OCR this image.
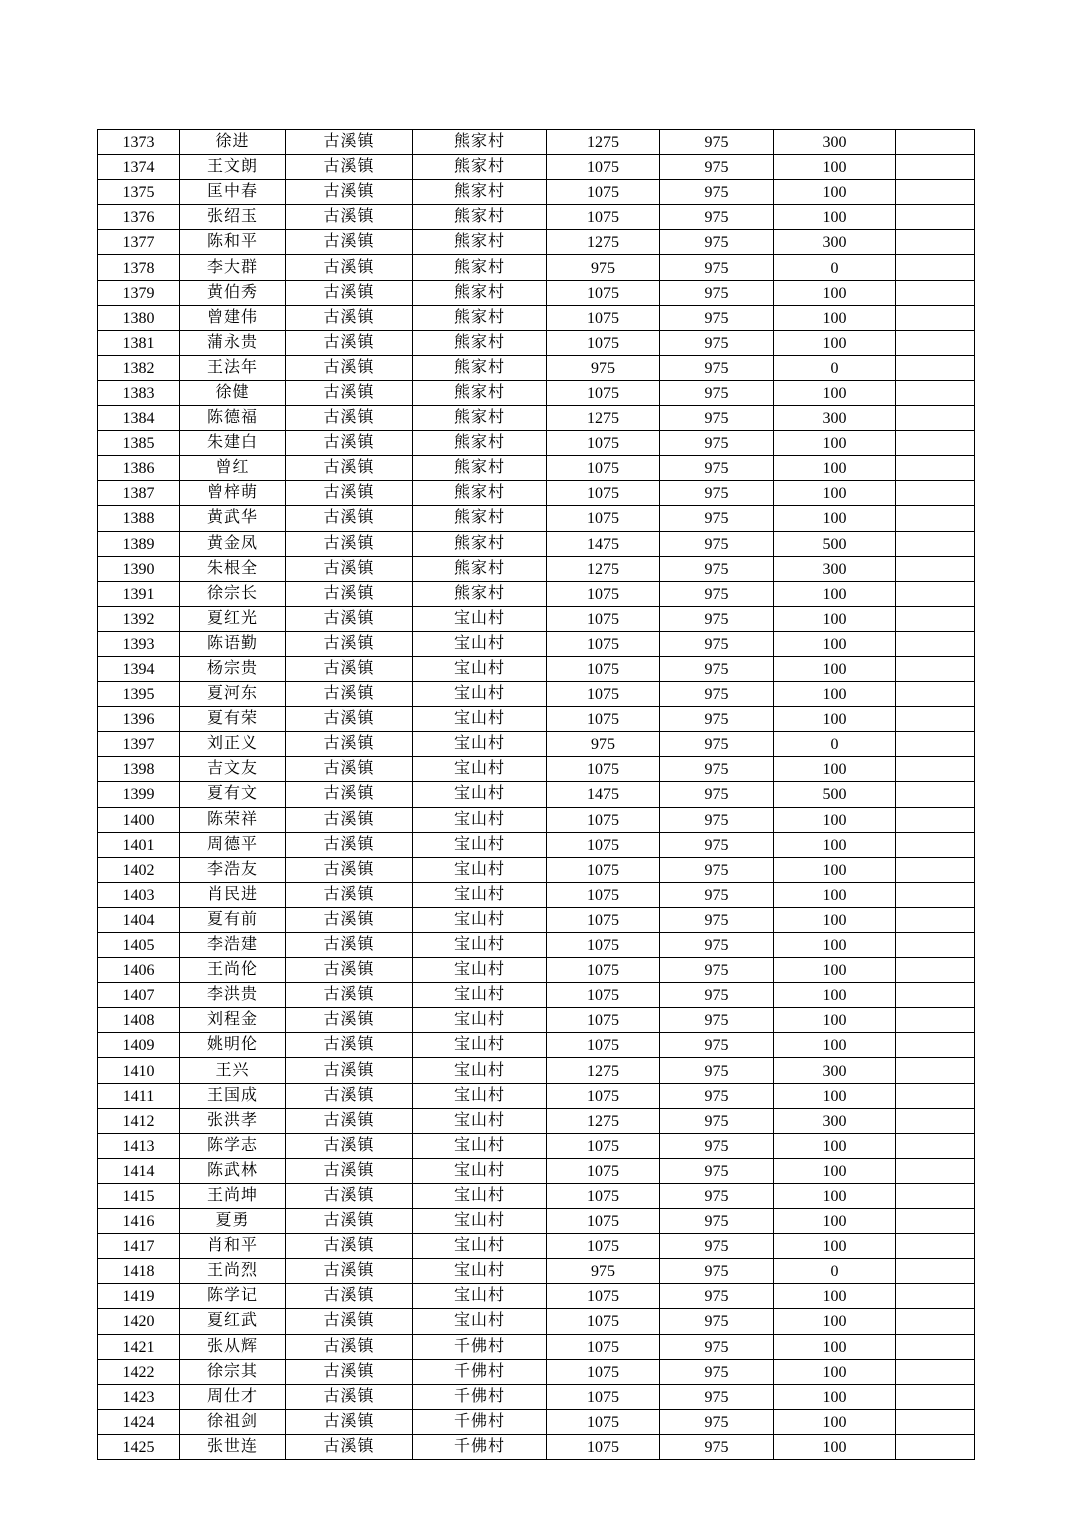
1373	徐进	古溪镇	熊家村	1275	975	300	
1374	王文朗	古溪镇	熊家村	1075	975	100	
1375	匡中春	古溪镇	熊家村	1075	975	100	
1376	张绍玉	古溪镇	熊家村	1075	975	100	
1377	陈和平	古溪镇	熊家村	1275	975	300	
1378	李大群	古溪镇	熊家村	975	975	0	
1379	黄伯秀	古溪镇	熊家村	1075	975	100	
1380	曾建伟	古溪镇	熊家村	1075	975	100	
1381	蒲永贵	古溪镇	熊家村	1075	975	100	
1382	王法年	古溪镇	熊家村	975	975	0	
1383	徐健	古溪镇	熊家村	1075	975	100	
1384	陈德福	古溪镇	熊家村	1275	975	300	
1385	朱建白	古溪镇	熊家村	1075	975	100	
1386	曾红	古溪镇	熊家村	1075	975	100	
1387	曾梓萌	古溪镇	熊家村	1075	975	100	
1388	黄武华	古溪镇	熊家村	1075	975	100	
1389	黄金凤	古溪镇	熊家村	1475	975	500	
1390	朱根全	古溪镇	熊家村	1275	975	300	
1391	徐宗长	古溪镇	熊家村	1075	975	100	
1392	夏红光	古溪镇	宝山村	1075	975	100	
1393	陈语勤	古溪镇	宝山村	1075	975	100	
1394	杨宗贵	古溪镇	宝山村	1075	975	100	
1395	夏河东	古溪镇	宝山村	1075	975	100	
1396	夏有荣	古溪镇	宝山村	1075	975	100	
1397	刘正义	古溪镇	宝山村	975	975	0	
1398	吉文友	古溪镇	宝山村	1075	975	100	
1399	夏有文	古溪镇	宝山村	1475	975	500	
1400	陈荣祥	古溪镇	宝山村	1075	975	100	
1401	周德平	古溪镇	宝山村	1075	975	100	
1402	李浩友	古溪镇	宝山村	1075	975	100	
1403	肖民进	古溪镇	宝山村	1075	975	100	
1404	夏有前	古溪镇	宝山村	1075	975	100	
1405	李浩建	古溪镇	宝山村	1075	975	100	
1406	王尚伦	古溪镇	宝山村	1075	975	100	
1407	李洪贵	古溪镇	宝山村	1075	975	100	
1408	刘程金	古溪镇	宝山村	1075	975	100	
1409	姚明伦	古溪镇	宝山村	1075	975	100	
1410	王兴	古溪镇	宝山村	1275	975	300	
1411	王国成	古溪镇	宝山村	1075	975	100	
1412	张洪孝	古溪镇	宝山村	1275	975	300	
1413	陈学志	古溪镇	宝山村	1075	975	100	
1414	陈武林	古溪镇	宝山村	1075	975	100	
1415	王尚坤	古溪镇	宝山村	1075	975	100	
1416	夏勇	古溪镇	宝山村	1075	975	100	
1417	肖和平	古溪镇	宝山村	1075	975	100	
1418	王尚烈	古溪镇	宝山村	975	975	0	
1419	陈学记	古溪镇	宝山村	1075	975	100	
1420	夏红武	古溪镇	宝山村	1075	975	100	
1421	张从辉	古溪镇	千佛村	1075	975	100	
1422	徐宗其	古溪镇	千佛村	1075	975	100	
1423	周仕才	古溪镇	千佛村	1075	975	100	
1424	徐祖剑	古溪镇	千佛村	1075	975	100	
1425	张世连	古溪镇	千佛村	1075	975	100	
